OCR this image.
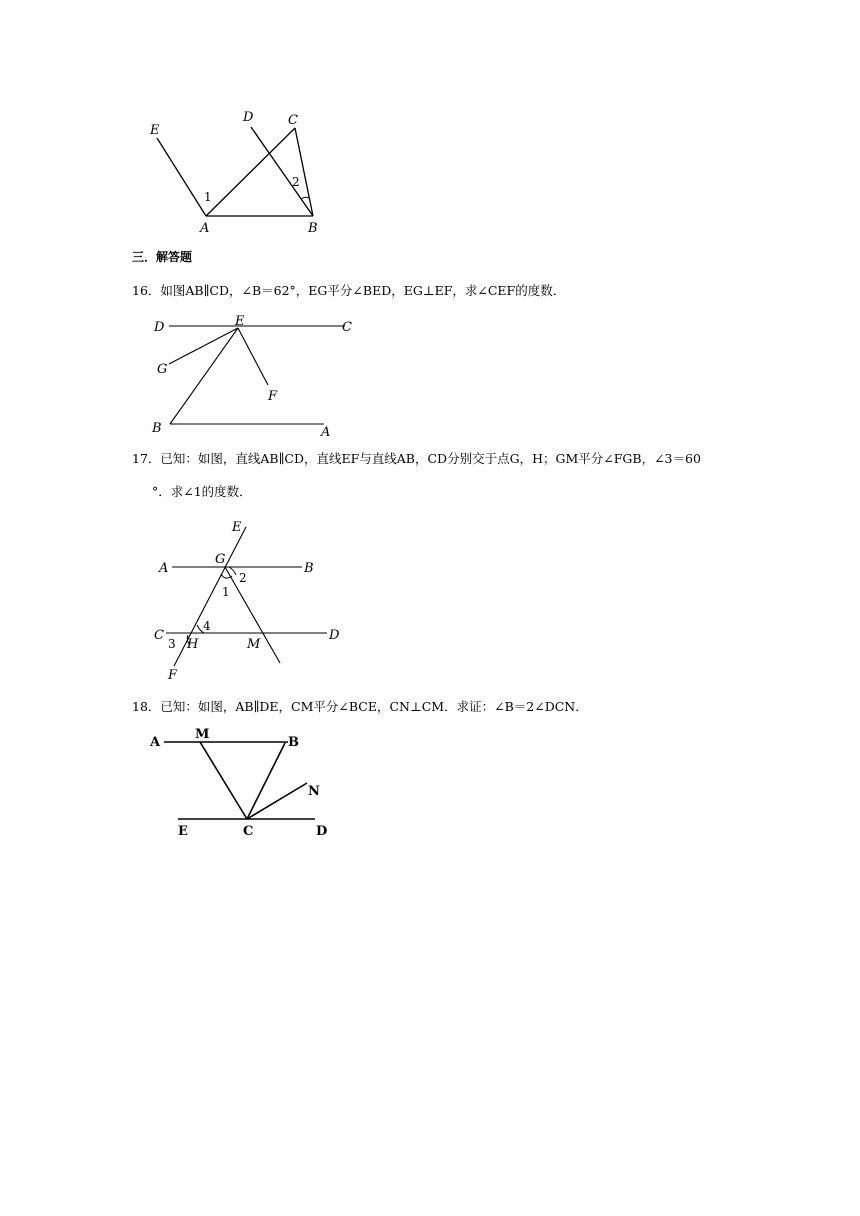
E
D	C
A	B
1
2

三．解答题

16．如图AB∥CD，∠B＝62°，EG平分∠BED，EG⊥EF，求∠CEF的度数．

D	E	C
G
F
B	A

17．已知：如图，直线AB∥CD，直线EF与直线AB，CD分别交于点G，H；GM平分∠FGB，∠3＝60

°．求∠1的度数．

E
A
G
B
C	D
H	M
F
1
2
3
4

18．已知：如图，AB∥DE，CM平分∠BCE，CN⊥CM．求证：∠B＝2∠DCN．

A
M
B
N
E	C	D
